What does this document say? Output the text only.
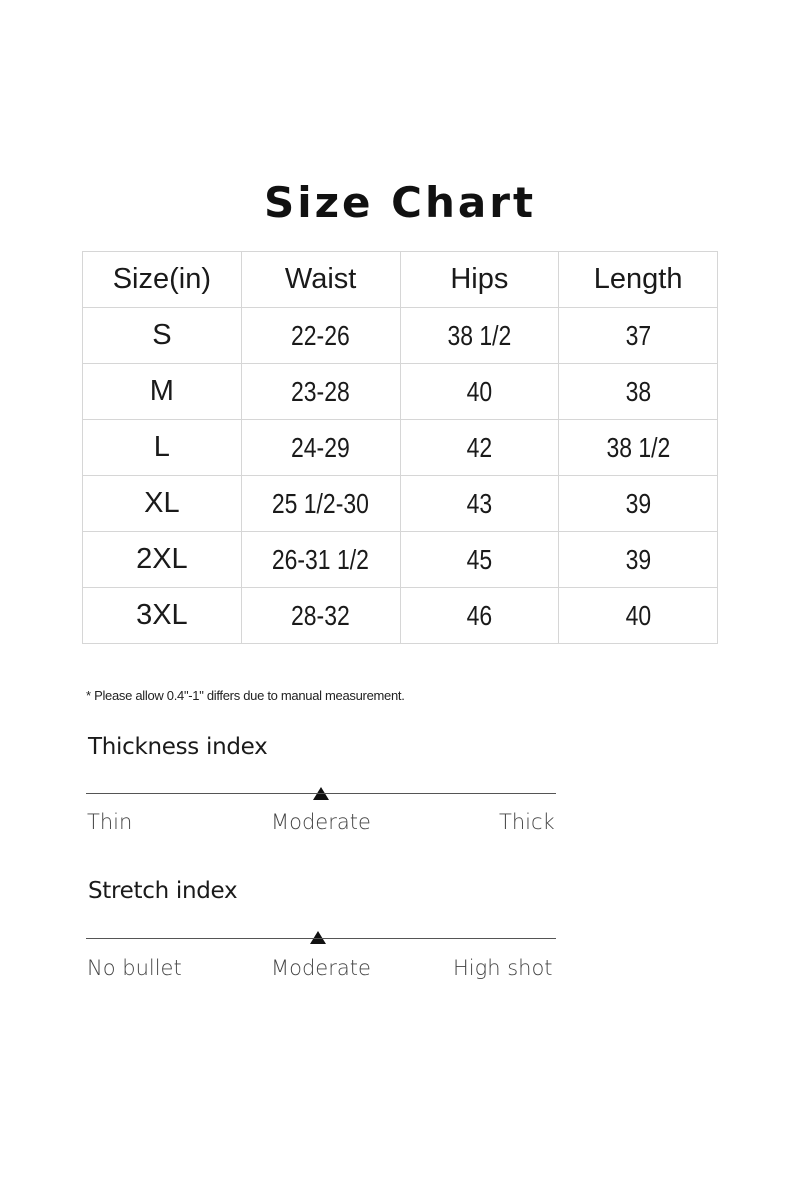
Size Chart
Size(in)	Waist	Hips	Length
S	22-26	38 1/2	37
M	23-28	40	38
L	24-29	42	38 1/2
XL	25 1/2-30	43	39
2XL	26-31 1/2	45	39
3XL	28-32	46	40
* Please allow 0.4"-1" differs due to manual measurement.
Thickness index
Thin	Moderate	Thick
Stretch index
No bullet	Moderate	High shot
